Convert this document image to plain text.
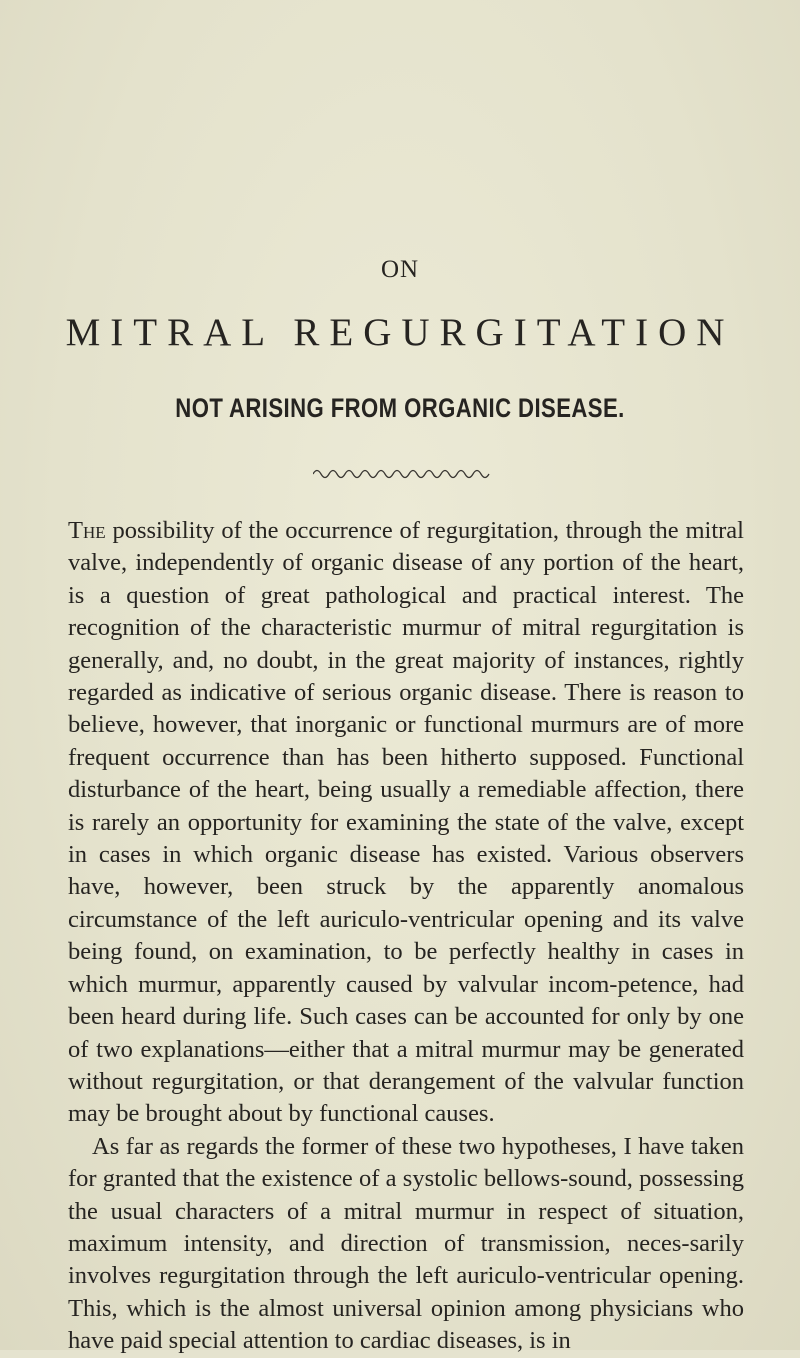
ON
MITRAL REGURGITATION
NOT ARISING FROM ORGANIC DISEASE.

The possibility of the occurrence of regurgitation, through the mitral valve, independently of organic disease of any portion of the heart, is a question of great pathological and practical interest. The recognition of the characteristic murmur of mitral regurgitation is generally, and, no doubt, in the great majority of instances, rightly regarded as indicative of serious organic disease. There is reason to believe, however, that inorganic or functional murmurs are of more frequent occurrence than has been hitherto supposed. Functional disturbance of the heart, being usually a remediable affection, there is rarely an opportunity for examining the state of the valve, except in cases in which organic disease has existed. Various observers have, however, been struck by the apparently anomalous circumstance of the left auriculo-ventricular opening and its valve being found, on examination, to be perfectly healthy in cases in which murmur, apparently caused by valvular incom-petence, had been heard during life. Such cases can be accounted for only by one of two explanations—either that a mitral murmur may be generated without regurgitation, or that derangement of the valvular function may be brought about by functional causes.

As far as regards the former of these two hypotheses, I have taken for granted that the existence of a systolic bellows-sound, possessing the usual characters of a mitral murmur in respect of situation, maximum intensity, and direction of transmission, neces-sarily involves regurgitation through the left auriculo-ventricular opening. This, which is the almost universal opinion among physicians who have paid special attention to cardiac diseases, is in
